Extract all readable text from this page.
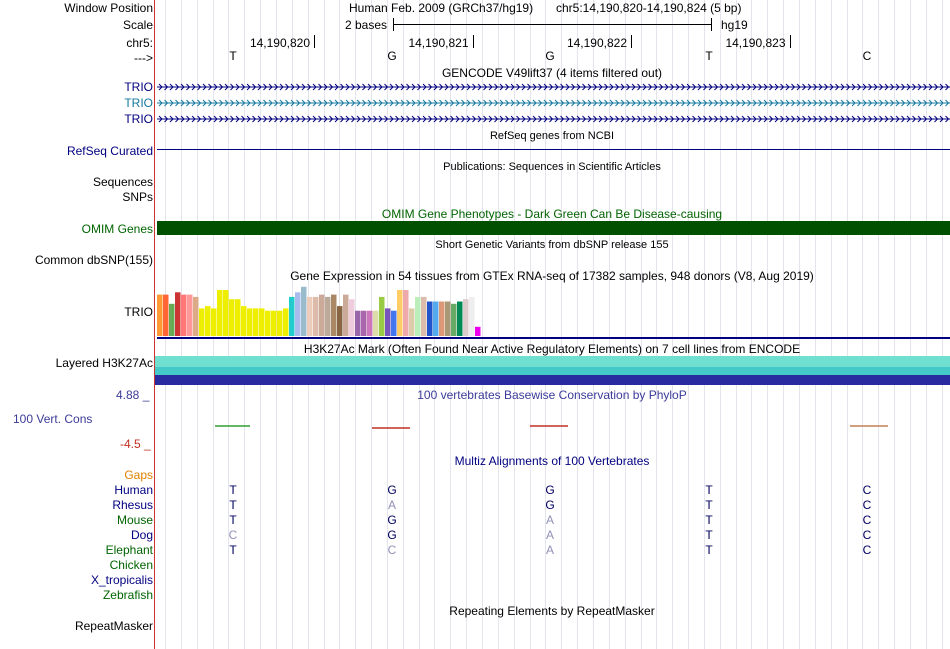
Window Position
Scale
chr5:
--->
Human Feb. 2009 (GRCh37/hg19) chr5:14,190,820-14,190,824 (5 bp)
2 bases	hg19
14,190,820	14,190,821	14,190,822	14,190,823
T	G	G	T	C
GENCODE V49lift37 (4 items filtered out)
TRIO
TRIO
TRIO
RefSeq genes from NCBI
RefSeq Curated
Publications: Sequences in Scientific Articles
Sequences
SNPs
OMIM Gene Phenotypes - Dark Green Can Be Disease-causing
OMIM Genes
Short Genetic Variants from dbSNP release 155
Common dbSNP(155)
Gene Expression in 54 tissues from GTEx RNA-seq of 17382 samples, 948 donors (V8, Aug 2019)
TRIO
H3K27Ac Mark (Often Found Near Active Regulatory Elements) on 7 cell lines from ENCODE
Layered H3K27Ac
100 vertebrates Basewise Conservation by PhyloP
4.88 _
100 Vert. Cons
-4.5 _
Multiz Alignments of 100 Vertebrates
Gaps
Human	T	G	G	T	C
Rhesus	T	A	G	T	C
Mouse	T	G	A	T	C
Dog	C	G	A	T	C
Elephant	T	C	A	T	C
Chicken
X_tropicalis
Zebrafish
Repeating Elements by RepeatMasker
RepeatMasker
